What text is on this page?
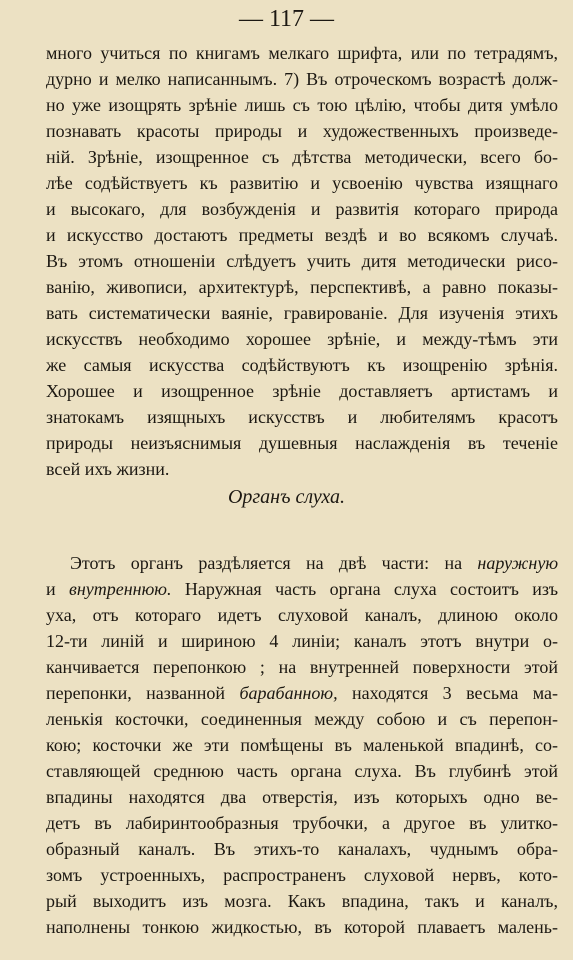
— 117 —
много учиться по книгамъ мелкаго шрифта, или по тетрадямъ,
дурно и мелко написаннымъ. 7) Въ отроческомъ возрастѣ долж-
но уже изощрять зрѣніе лишь съ тою цѣлію, чтобы дитя умѣло
познавать красоты природы и художественныхъ произведе-
ній. Зрѣніе, изощренное съ дѣтства методически, всего бо-
лѣе содѣйствуетъ къ развитію и усвоенію чувства изящнаго
и высокаго, для возбужденія и развитія котораго природа
и искусство достаютъ предметы вездѣ и во всякомъ случаѣ.
Въ этомъ отношеніи слѣдуетъ учить дитя методически рисо-
ванію, живописи, архитектурѣ, перспективѣ, а равно показы-
вать систематически ваяніе, гравированіе. Для изученія этихъ
искусствъ необходимо хорошее зрѣніе, и между-тѣмъ эти
же самыя искусства содѣйствуютъ къ изощренію зрѣнія.
Хорошее и изощренное зрѣніе доставляетъ артистамъ и
знатокамъ изящныхъ искусствъ и любителямъ красотъ
природы неизъяснимыя душевныя наслажденія въ теченіе
всей ихъ жизни.
Органъ слуха.
Этотъ органъ раздѣляется на двѣ части: на наружную
и внутреннюю. Наружная часть органа слуха состоитъ изъ
уха, отъ котораго идетъ слуховой каналъ, длиною около
12-ти линій и шириною 4 линіи; каналъ этотъ внутри о-
канчивается перепонкою ; на внутренней поверхности этой
перепонки, названной барабанною, находятся 3 весьма ма-
ленькія косточки, соединенныя между собою и съ перепон-
кою; косточки же эти помѣщены въ маленькой впадинѣ, со-
ставляющей среднюю часть органа слуха. Въ глубинѣ этой
впадины находятся два отверстія, изъ которыхъ одно ве-
детъ въ лабиринтообразныя трубочки, а другое въ улитко-
образный каналъ. Въ этихъ-то каналахъ, чуднымъ обра-
зомъ устроенныхъ, распространенъ слуховой нервъ, кото-
рый выходитъ изъ мозга. Какъ впадина, такъ и каналъ,
наполнены тонкою жидкостью, въ которой плаваетъ малень-
